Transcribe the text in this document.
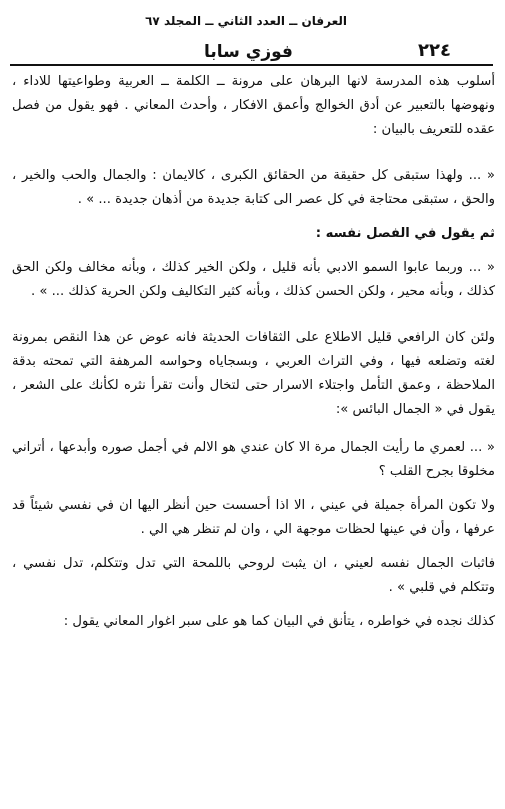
العرفان ــ العدد الثاني ــ المجلد ٦٧
فوزي سابا	٢٢٤

أسلوب هذه المدرسة لانها البرهان على مرونة ــ الكلمة ــ العربية وطواعيتها للاداء ، ونهوضها بالتعبير عن أدق الخوالج وأعمق الافكار ، وأحدث المعاني . فهو يقول من فصل عقده للتعريف بالبيان :

« ... ولهذا ستبقى كل حقيقة من الحقائق الكبرى ، كالايمان : والجمال والحب والخير ، والحق ، ستبقى محتاجة في كل عصر الى كتابة جديدة من أذهان جديدة ... » .

ثم يقول في الفصل نفسه :

« ... وربما عابوا السمو الادبي بأنه قليل ، ولكن الخير كذلك ، وبأنه مخالف ولكن الحق كذلك ، وبأنه محير ، ولكن الحسن كذلك ، وبأنه كثير التكاليف ولكن الحرية كذلك ... » .

ولئن كان الرافعي قليل الاطلاع على الثقافات الحديثة فانه عوض عن هذا النقص بمرونة لغته وتضلعه فيها ، وفي التراث العربي ، وبسجاياه وحواسه المرهفة التي تمحته بدقة الملاحظة ، وعمق التأمل واجتلاء الاسرار حتى لتخال وأنت تقرأ نثره لكأنك على الشعر ، يقول في « الجمال البائس »:

« ... لعمري ما رأيت الجمال مرة الا كان عندي هو الالم في أجمل صوره وأبدعها ، أتراني مخلوقا بجرح القلب ؟

ولا تكون المرأة جميلة في عيني ، الا اذا أحسست حين أنظر اليها ان في نفسي شيئاً قد عرفها ، وأن في عينها لحظات موجهة الي ، وان لم تنظر هي الي .

فاثبات الجمال نفسه لعيني ، ان يثبت لروحي باللمحة التي تدل وتتكلم، تدل نفسي ، وتتكلم في قلبي » .

كذلك نجده في خواطره ، يتأنق في البيان كما هو على سبر اغوار المعاني يقول :
